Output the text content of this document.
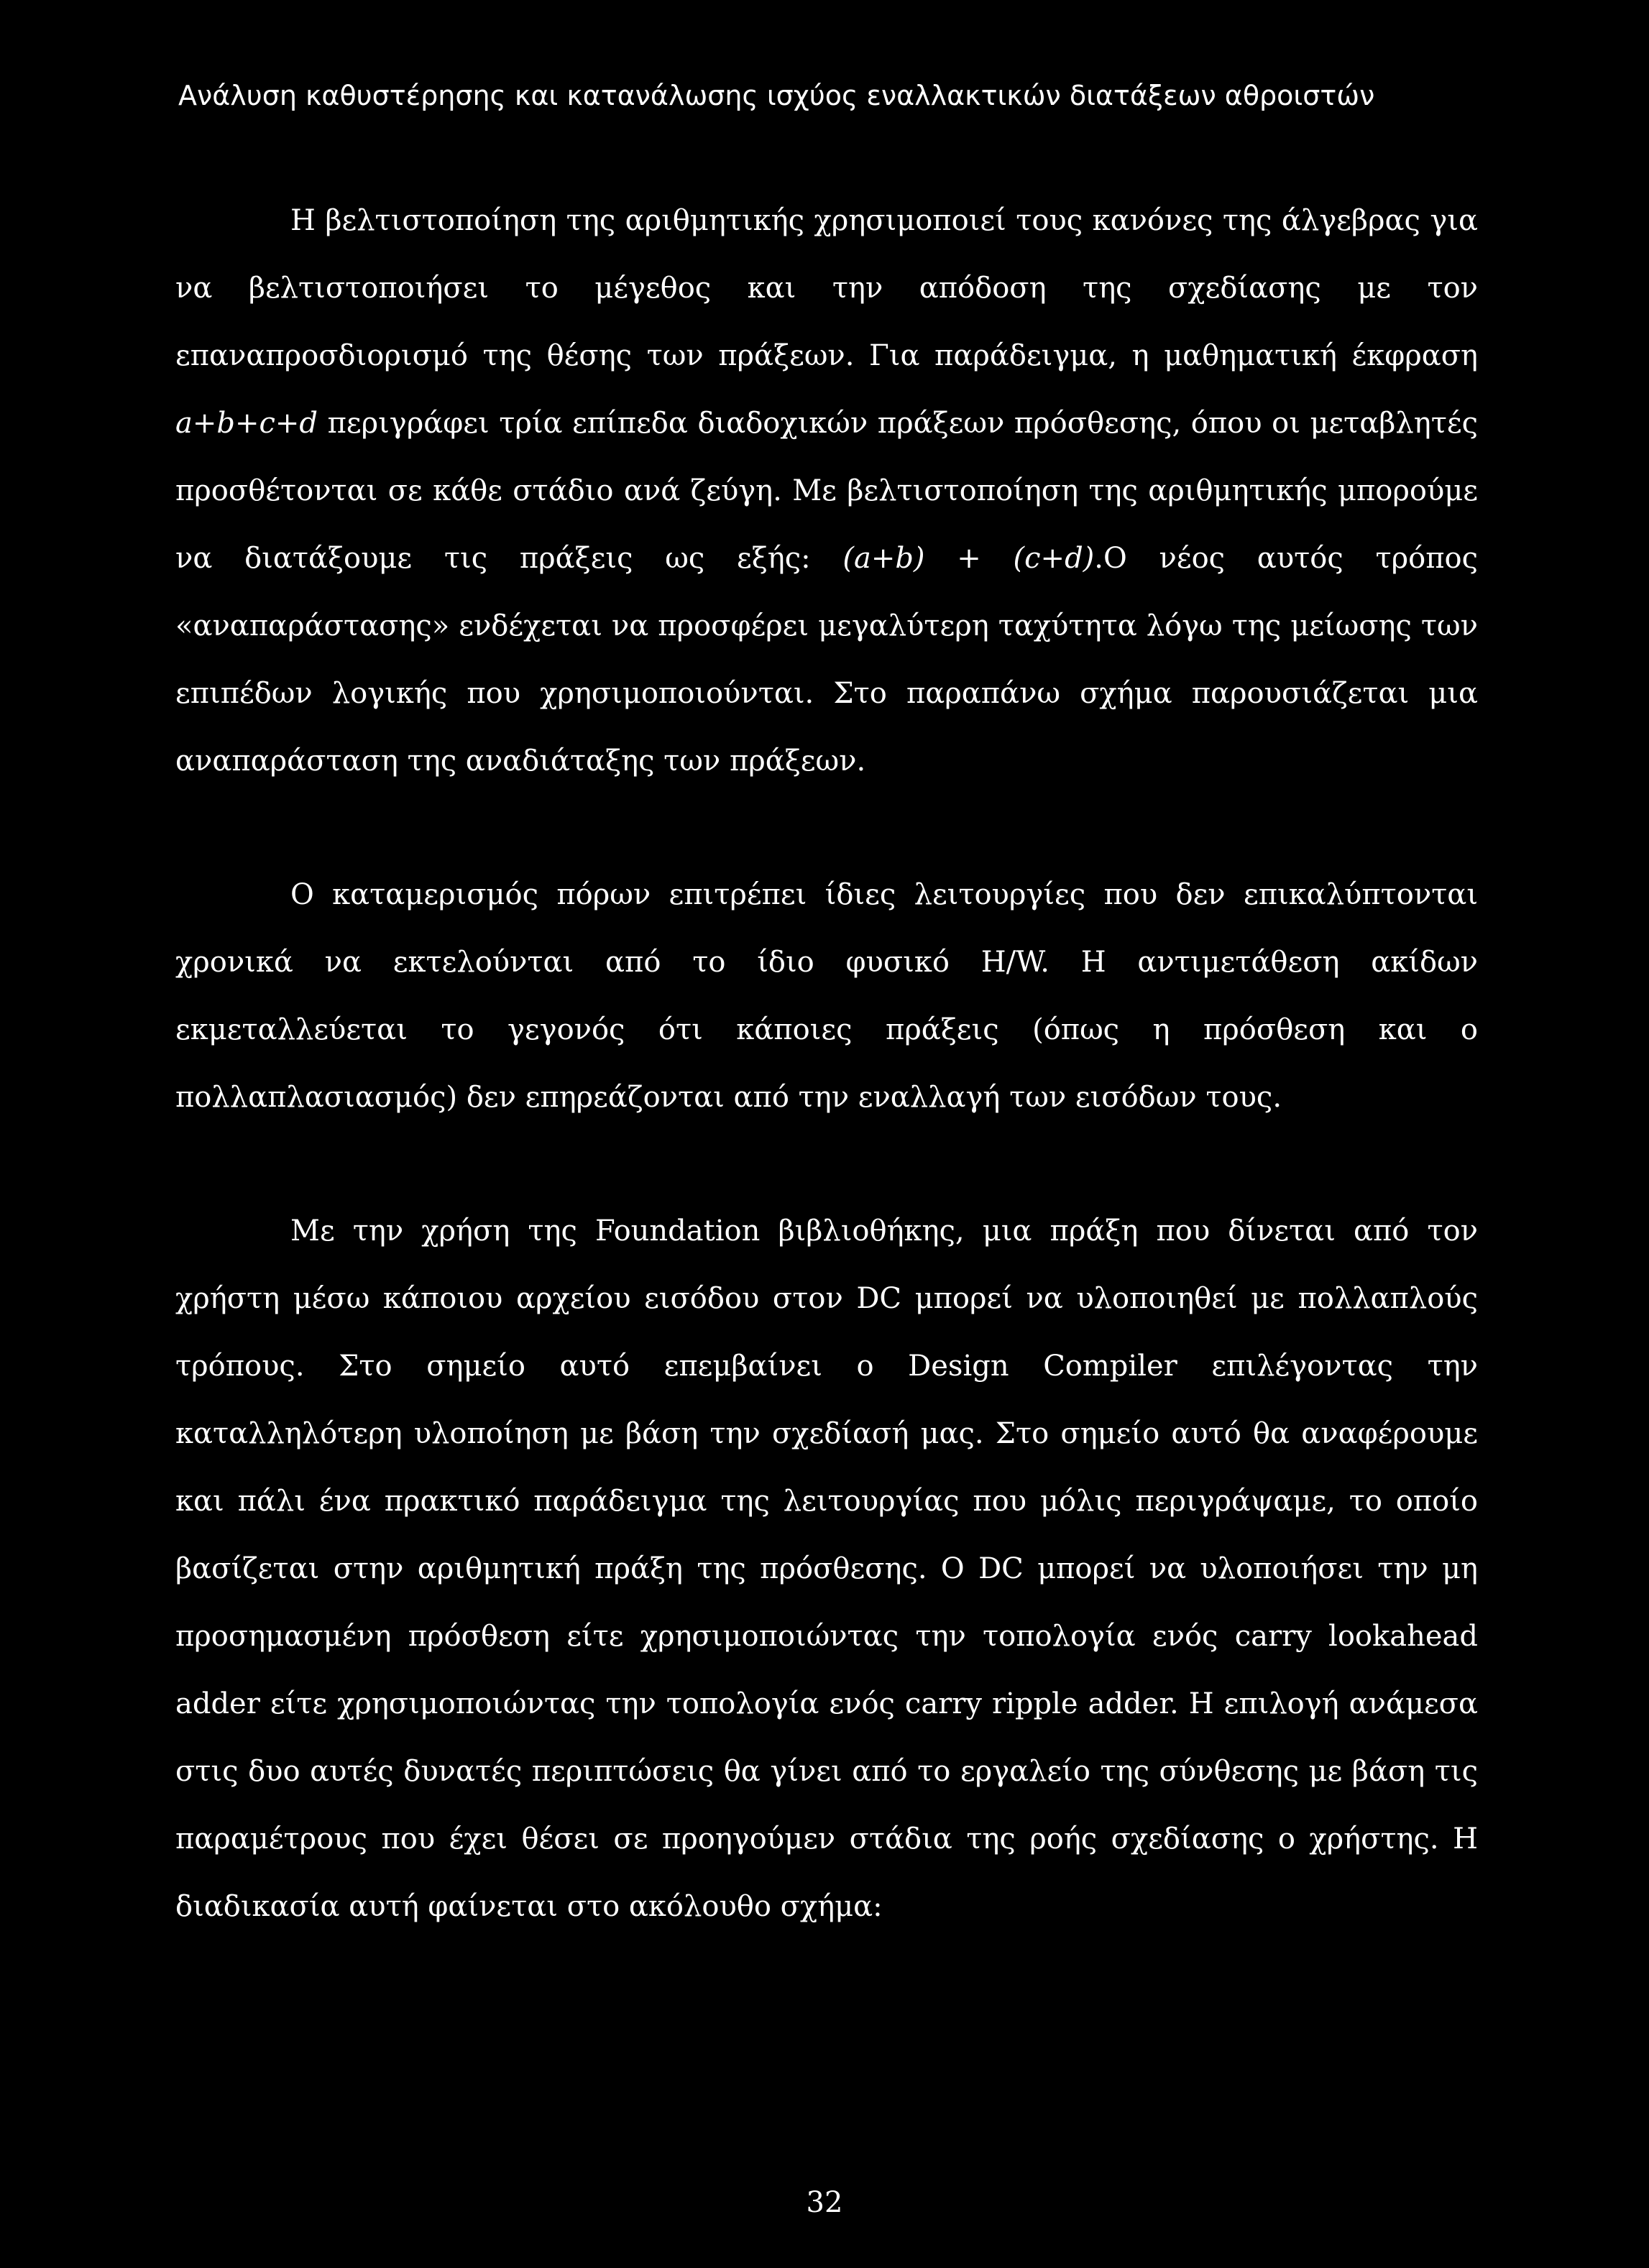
Ανάλυση καθυστέρησης και κατανάλωσης ισχύος εναλλακτικών διατάξεων αθροιστών

Η βελτιστοποίηση της αριθμητικής χρησιμοποιεί τους κανόνες της άλγεβρας για να βελτιστοποιήσει το μέγεθος και την απόδοση της σχεδίασης με τον επαναπροσδιορισμό της θέσης των πράξεων. Για παράδειγμα, η μαθηματική έκφραση a+b+c+d περιγράφει τρία επίπεδα διαδοχικών πράξεων πρόσθεσης, όπου οι μεταβλητές προσθέτονται σε κάθε στάδιο ανά ζεύγη. Με βελτιστοποίηση της αριθμητικής μπορούμε να διατάξουμε τις πράξεις ως εξής: (a+b) + (c+d).Ο νέος αυτός τρόπος «αναπαράστασης» ενδέχεται να προσφέρει μεγαλύτερη ταχύτητα λόγω της μείωσης των επιπέδων λογικής που χρησιμοποιούνται. Στο παραπάνω σχήμα παρουσιάζεται μια αναπαράσταση της αναδιάταξης των πράξεων.

Ο καταμερισμός πόρων επιτρέπει ίδιες λειτουργίες που δεν επικαλύπτονται χρονικά να εκτελούνται από το ίδιο φυσικό H/W. Η αντιμετάθεση ακίδων εκμεταλλεύεται το γεγονός ότι κάποιες πράξεις (όπως η πρόσθεση και ο πολλαπλασιασμός) δεν επηρεάζονται από την εναλλαγή των εισόδων τους.

Με την χρήση της Foundation βιβλιοθήκης, μια πράξη που δίνεται από τον χρήστη μέσω κάποιου αρχείου εισόδου στον DC μπορεί να υλοποιηθεί με πολλαπλούς τρόπους. Στο σημείο αυτό επεμβαίνει ο Design Compiler επιλέγοντας την καταλληλότερη υλοποίηση με βάση την σχεδίασή μας. Στο σημείο αυτό θα αναφέρουμε και πάλι ένα πρακτικό παράδειγμα της λειτουργίας που μόλις περιγράψαμε, το οποίο βασίζεται στην αριθμητική πράξη της πρόσθεσης. Ο DC μπορεί να υλοποιήσει την μη προσημασμένη πρόσθεση είτε χρησιμοποιώντας την τοπολογία ενός carry lookahead adder είτε χρησιμοποιώντας την τοπολογία ενός carry ripple adder. Η επιλογή ανάμεσα στις δυο αυτές δυνατές περιπτώσεις θα γίνει από το εργαλείο της σύνθεσης με βάση τις παραμέτρους που έχει θέσει σε προηγούμεν στάδια της ροής σχεδίασης ο χρήστης. Η διαδικασία αυτή φαίνεται στο ακόλουθο σχήμα:

32
